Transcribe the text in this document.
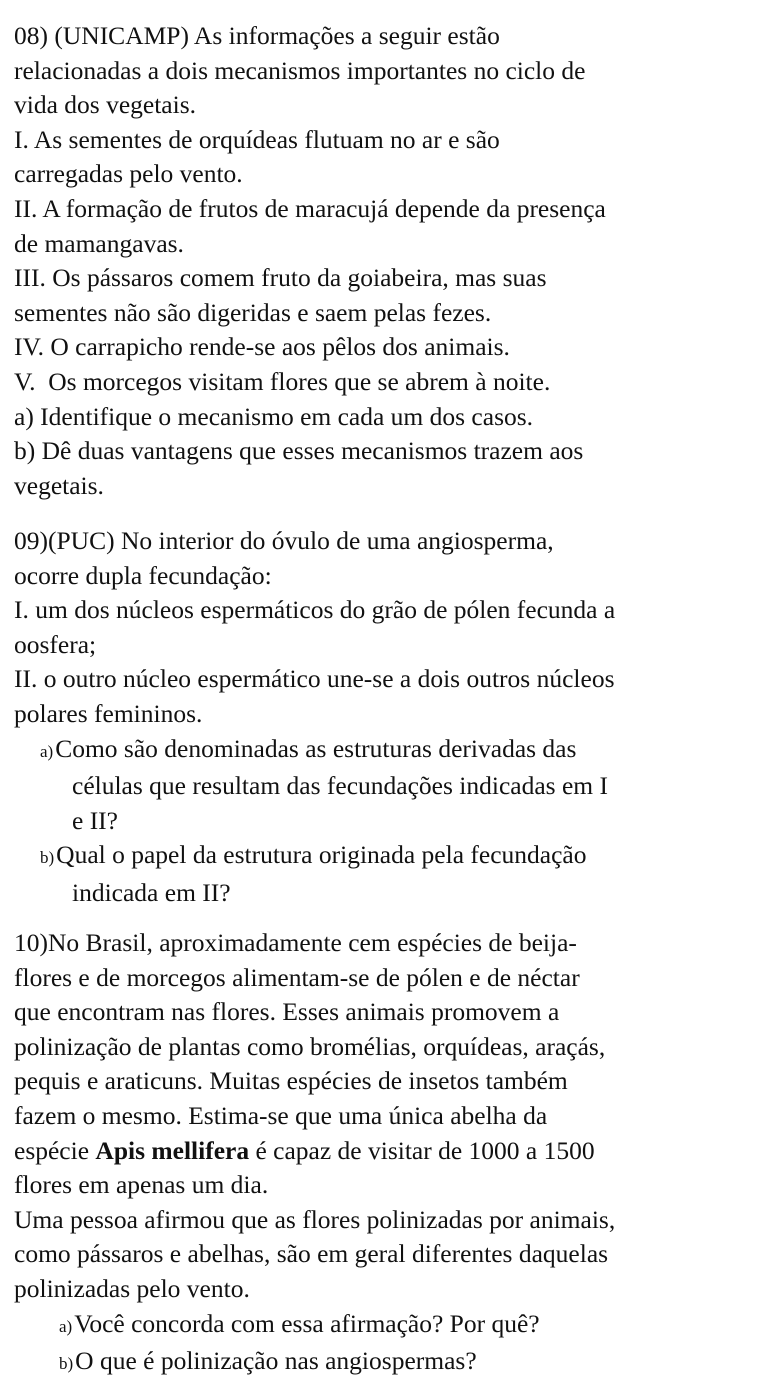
08) (UNICAMP) As informações a seguir estão
relacionadas a dois mecanismos importantes no ciclo de
vida dos vegetais.
I. As sementes de orquídeas flutuam no ar e são
carregadas pelo vento.
II. A formação de frutos de maracujá depende da presença
de mamangavas.
III. Os pássaros comem fruto da goiabeira, mas suas
sementes não são digeridas e saem pelas fezes.
IV. O carrapicho rende-se aos pêlos dos animais.
V.  Os morcegos visitam flores que se abrem à noite.
a) Identifique o mecanismo em cada um dos casos.
b) Dê duas vantagens que esses mecanismos trazem aos
vegetais.
09)(PUC) No interior do óvulo de uma angiosperma,
ocorre dupla fecundação:
I. um dos núcleos espermáticos do grão de pólen fecunda a
oosfera;
II. o outro núcleo espermático une-se a dois outros núcleos
polares femininos.
a)Como são denominadas as estruturas derivadas das
células que resultam das fecundações indicadas em I
e II?
b)Qual o papel da estrutura originada pela fecundação
indicada em II?
10)No Brasil, aproximadamente cem espécies de beija-
flores e de morcegos alimentam-se de pólen e de néctar
que encontram nas flores. Esses animais promovem a
polinização de plantas como bromélias, orquídeas, araçás,
pequis e araticuns. Muitas espécies de insetos também
fazem o mesmo. Estima-se que uma única abelha da
espécie Apis mellifera é capaz de visitar de 1000 a 1500
flores em apenas um dia.
Uma pessoa afirmou que as flores polinizadas por animais,
como pássaros e abelhas, são em geral diferentes daquelas
polinizadas pelo vento.
a)Você concorda com essa afirmação? Por quê?
b)O que é polinização nas angiospermas?
